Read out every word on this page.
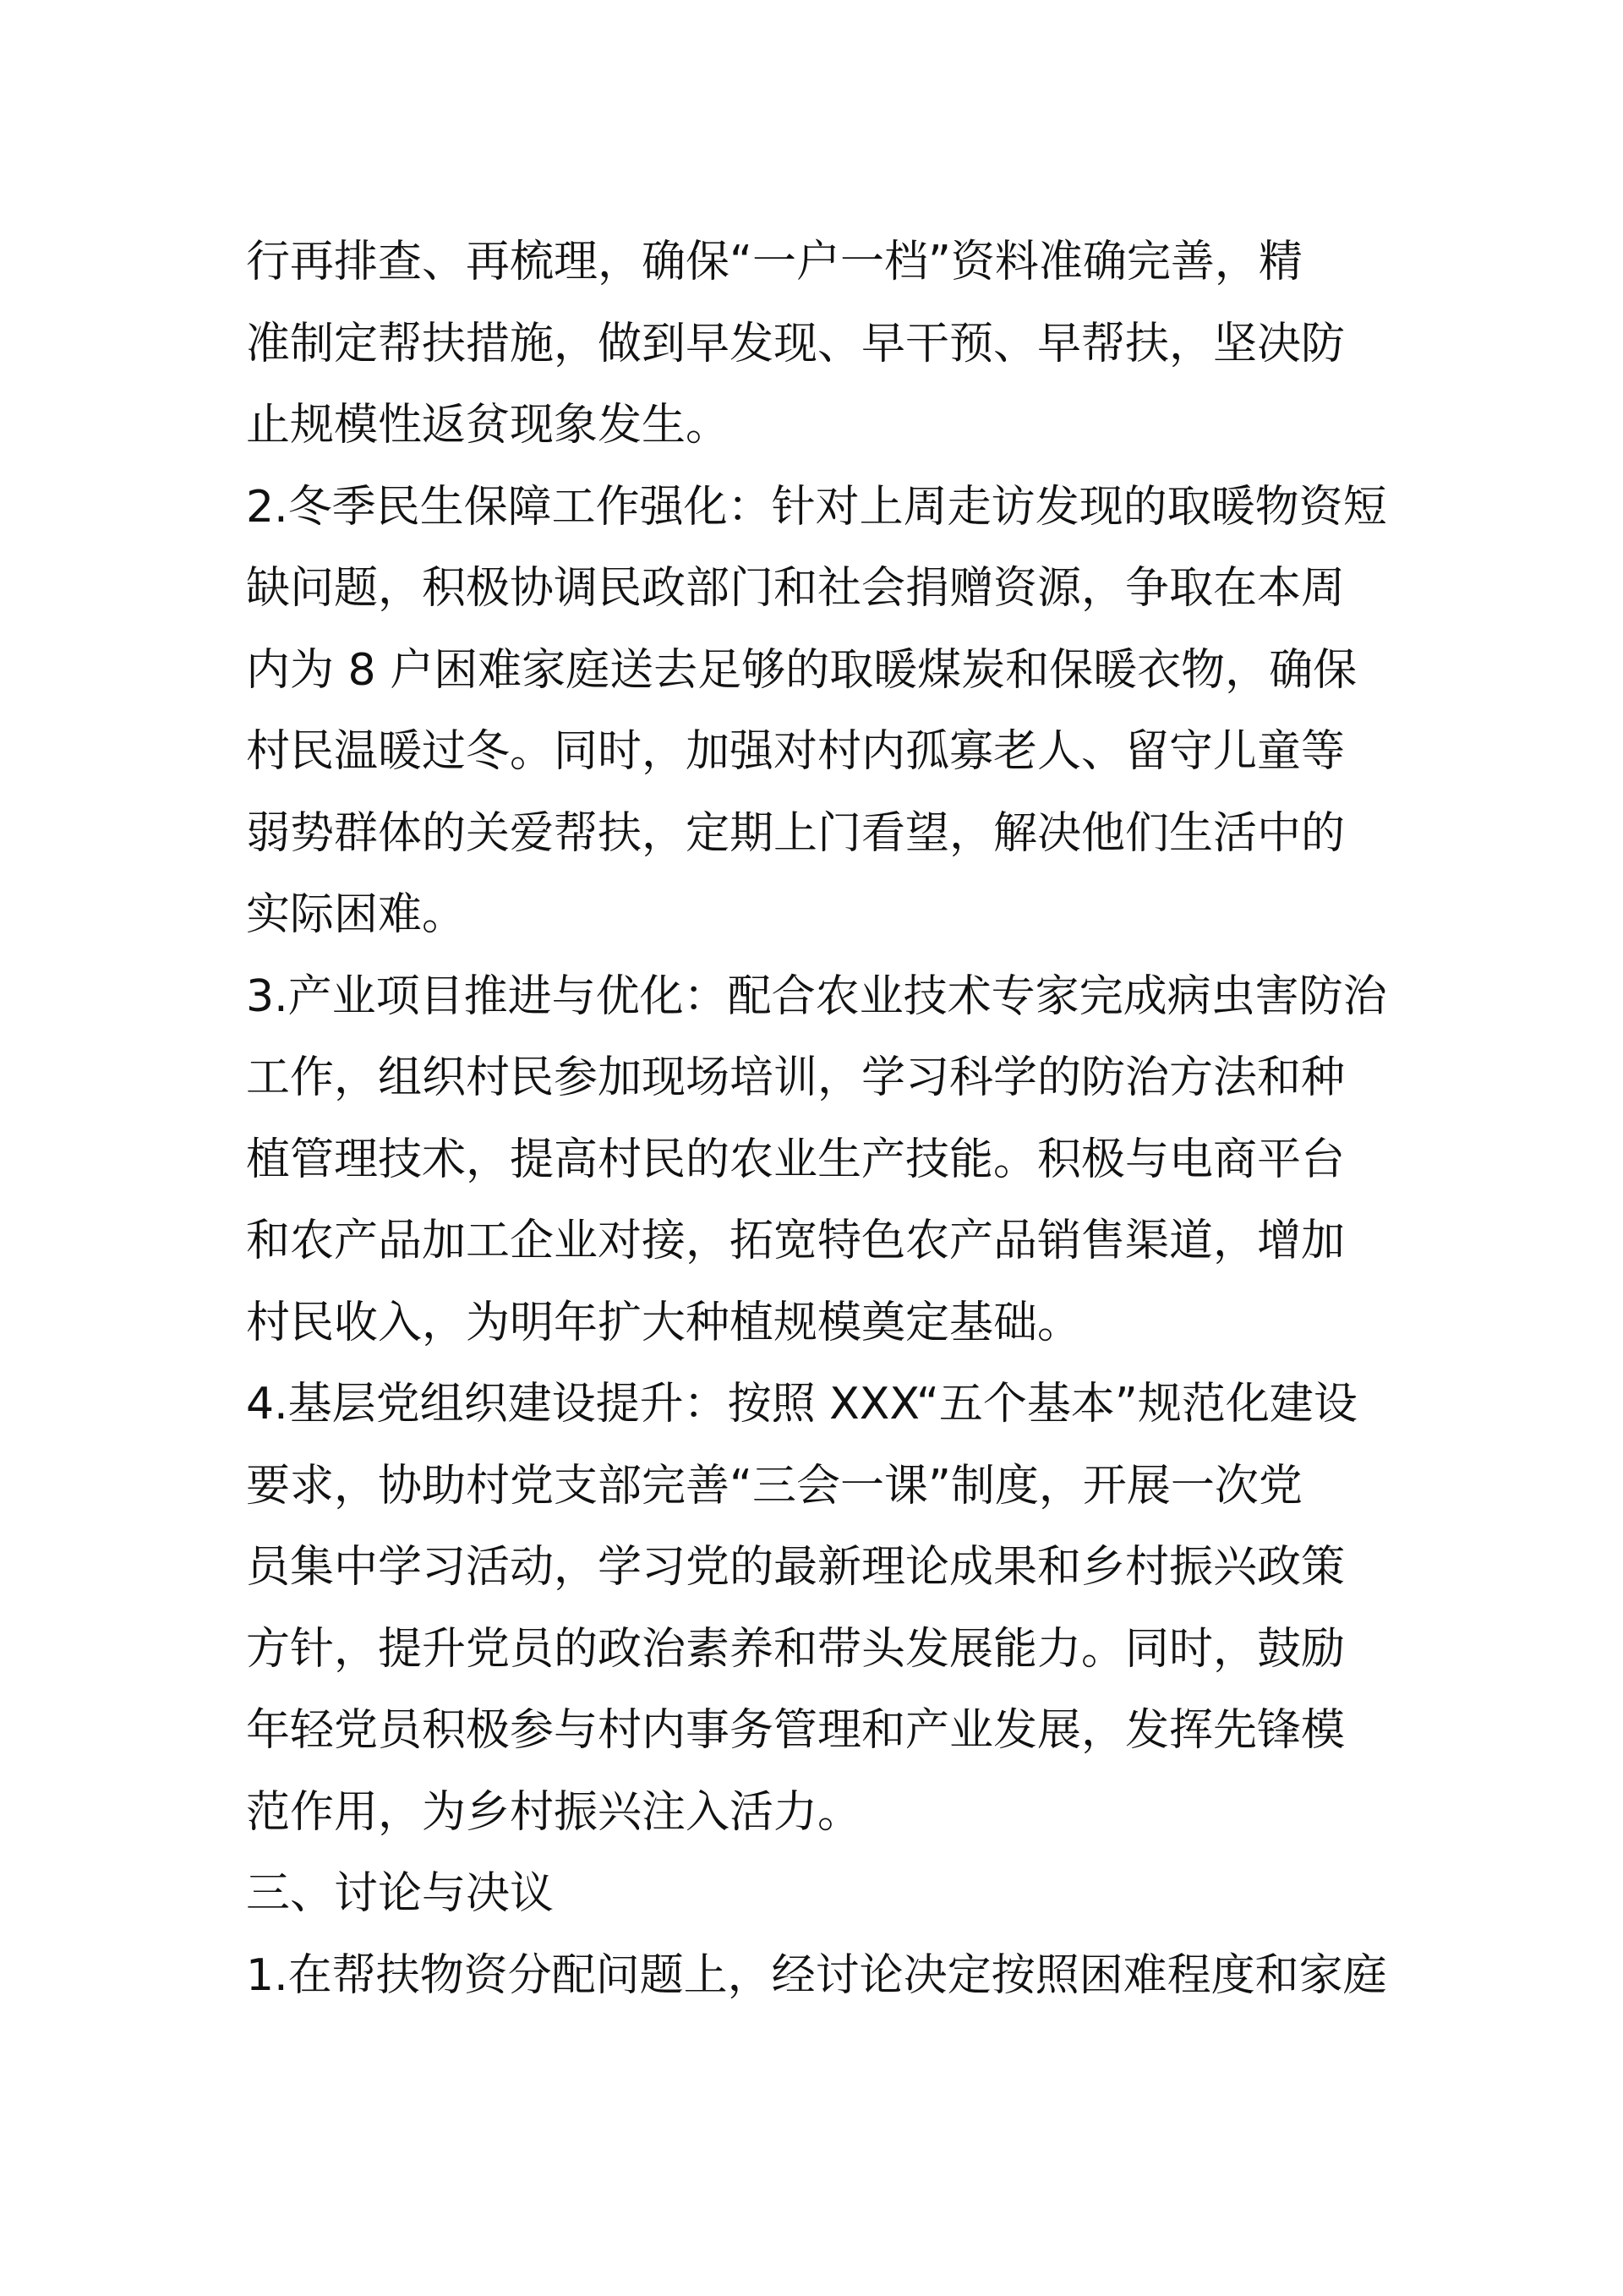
行再排查、再梳理，确保“一户一档”资料准确完善，精
准制定帮扶措施，做到早发现、早干预、早帮扶，坚决防
止规模性返贫现象发生。
2.冬季民生保障工作强化：针对上周走访发现的取暖物资短
缺问题，积极协调民政部门和社会捐赠资源，争取在本周
内为 8 户困难家庭送去足够的取暖煤炭和保暖衣物，确保
村民温暖过冬。同时，加强对村内孤寡老人、留守儿童等
弱势群体的关爱帮扶，定期上门看望，解决他们生活中的
实际困难。
3.产业项目推进与优化：配合农业技术专家完成病虫害防治
工作，组织村民参加现场培训，学习科学的防治方法和种
植管理技术，提高村民的农业生产技能。积极与电商平台
和农产品加工企业对接，拓宽特色农产品销售渠道，增加
村民收入，为明年扩大种植规模奠定基础。
4.基层党组织建设提升：按照 XXX“五个基本”规范化建设
要求，协助村党支部完善“三会一课”制度，开展一次党
员集中学习活动，学习党的最新理论成果和乡村振兴政策
方针，提升党员的政治素养和带头发展能力。同时，鼓励
年轻党员积极参与村内事务管理和产业发展，发挥先锋模
范作用，为乡村振兴注入活力。
三、讨论与决议
1.在帮扶物资分配问题上，经讨论决定按照困难程度和家庭
